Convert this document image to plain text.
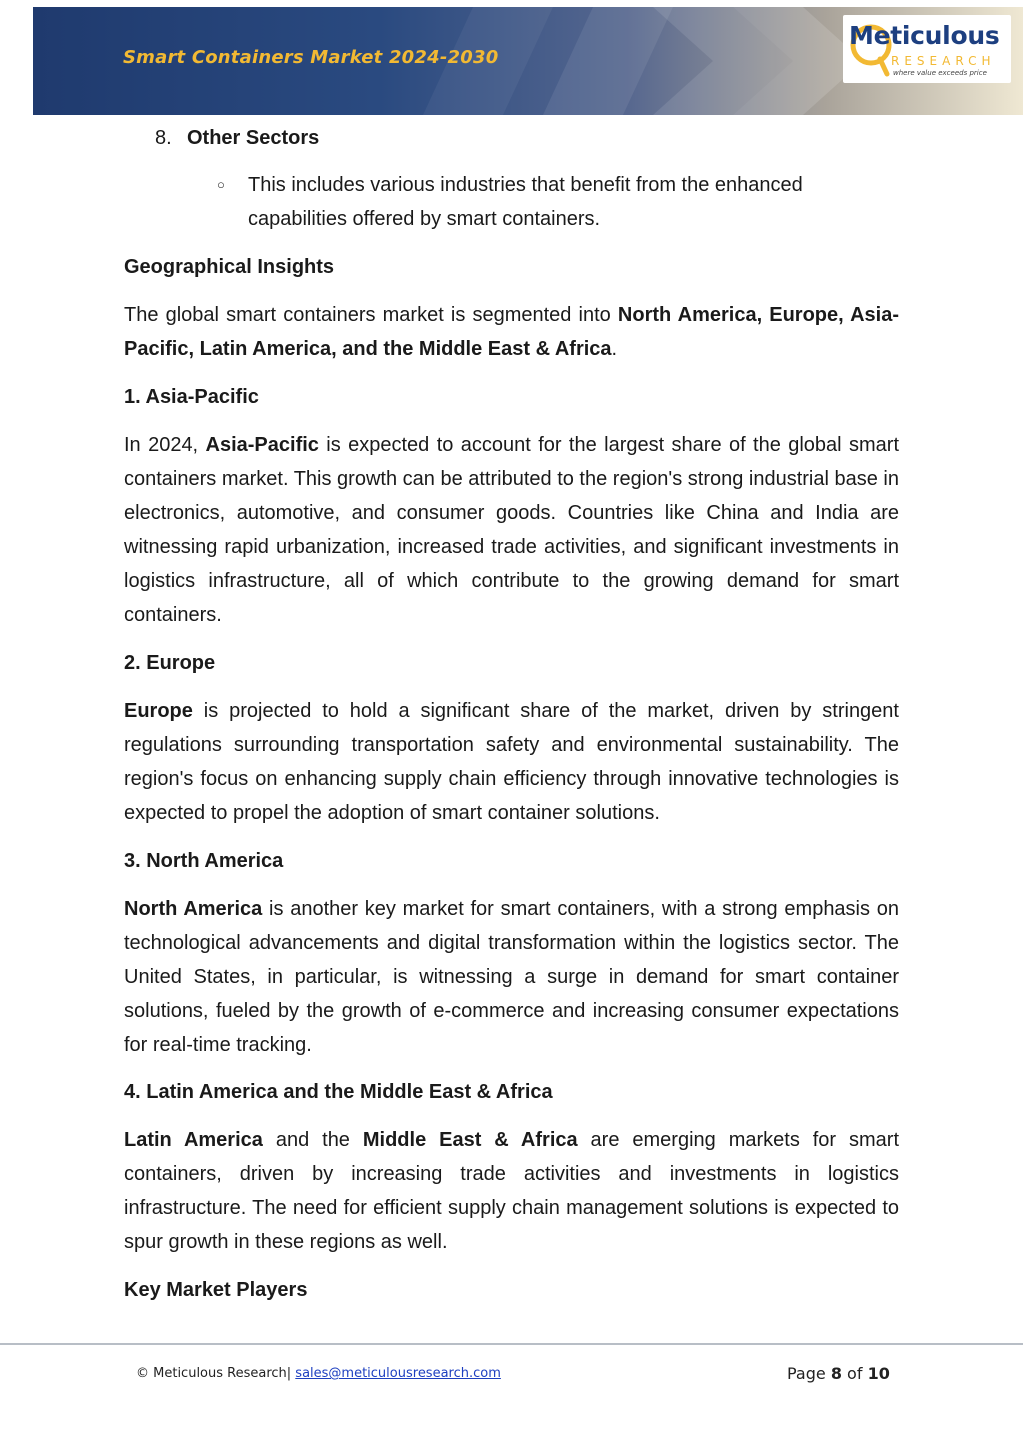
Smart Containers Market 2024-2030
Meticulous
RESEARCH
where value exceeds price
8. Other Sectors
○ This includes various industries that benefit from the enhanced capabilities offered by smart containers.
Geographical Insights

The global smart containers market is segmented into North America, Europe, Asia-Pacific, Latin America, and the Middle East & Africa.

1. Asia-Pacific

In 2024, Asia-Pacific is expected to account for the largest share of the global smart containers market. This growth can be attributed to the region's strong industrial base in electronics, automotive, and consumer goods. Countries like China and India are witnessing rapid urbanization, increased trade activities, and significant investments in logistics infrastructure, all of which contribute to the growing demand for smart containers.

2. Europe

Europe is projected to hold a significant share of the market, driven by stringent regulations surrounding transportation safety and environmental sustainability. The region's focus on enhancing supply chain efficiency through innovative technologies is expected to propel the adoption of smart container solutions.

3. North America

North America is another key market for smart containers, with a strong emphasis on technological advancements and digital transformation within the logistics sector. The United States, in particular, is witnessing a surge in demand for smart container solutions, fueled by the growth of e-commerce and increasing consumer expectations for real-time tracking.

4. Latin America and the Middle East & Africa

Latin America and the Middle East & Africa are emerging markets for smart containers, driven by increasing trade activities and investments in logistics infrastructure. The need for efficient supply chain management solutions is expected to spur growth in these regions as well.

Key Market Players
© Meticulous Research| sales@meticulousresearch.com	Page 8 of 10
